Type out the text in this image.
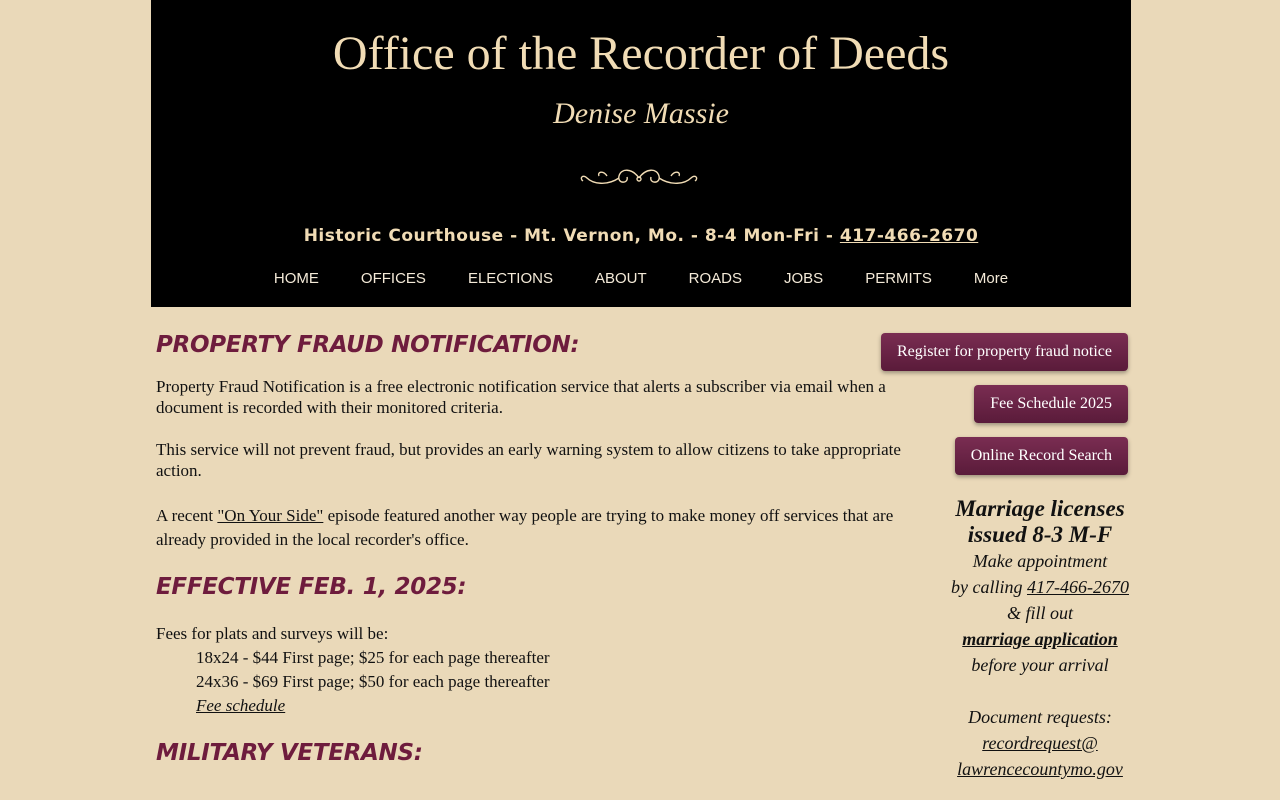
Office of the Recorder of Deeds
Denise Massie
Historic Courthouse - Mt. Vernon, Mo. - 8-4 Mon-Fri - 417-466-2670
HOME	OFFICES	ELECTIONS	ABOUT	ROADS	JOBS	PERMITS	More
PROPERTY FRAUD NOTIFICATION:

Property Fraud Notification is a free electronic notification service that alerts a subscriber via email when a document is recorded with their monitored criteria.

This service will not prevent fraud, but provides an early warning system to allow citizens to take appropriate action.

A recent "On Your Side" episode featured another way people are trying to make money off services that are already provided in the local recorder's office.

EFFECTIVE FEB. 1, 2025:

Fees for plats and surveys will be:

18x24 - $44 First page; $25 for each page thereafter
24x36 - $69 First page; $50 for each page thereafter
Fee schedule
MILITARY VETERANS:
Register for property fraud notice
Fee Schedule 2025
Online Record Search
Marriage licenses
issued 8-3 M-F
Make appointment
by calling 417-466-2670
& fill out
marriage application
before your arrival
Document requests:
recordrequest@
lawrencecountymo.gov
